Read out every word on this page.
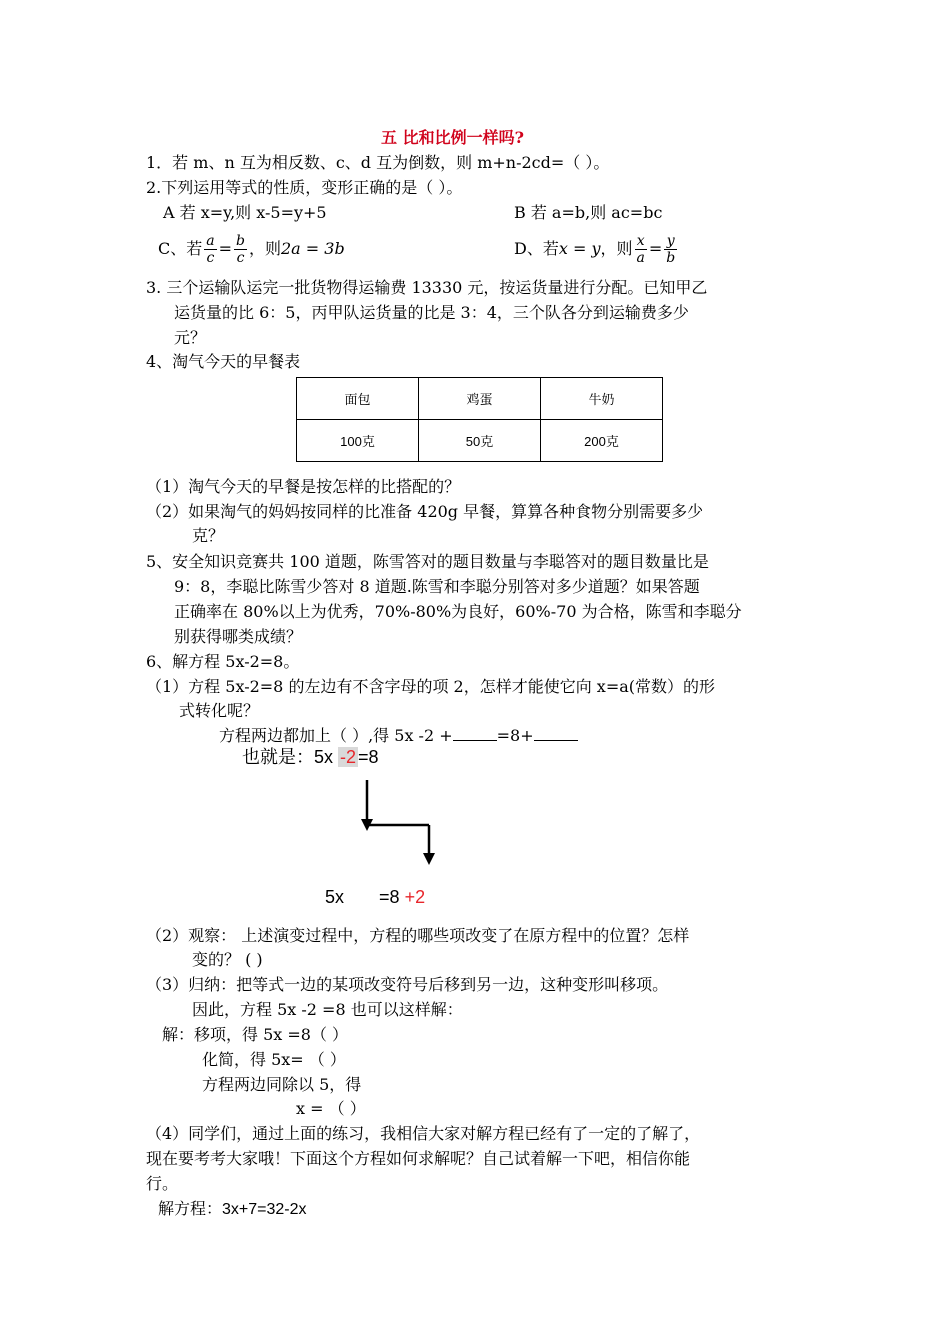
五 比和比例一样吗?
1．若 m、n 互为相反数、c、d 互为倒数，则 m+n-2cd=（ ）。
2.下列运用等式的性质，变形正确的是（ ）。
A 若 x=y,则 x-5=y+5	B 若 a=b,则 ac=bc
C、若 $\frac{a}{c} = \frac{b}{c}$ ，则2a = 3b	D、若x = y，则 $\frac{x}{a} = \frac{y}{b}$
3. 三个运输队运完一批货物得运输费 13330 元，按运货量进行分配。已知甲乙
运货量的比 6：5，丙甲队运货量的比是 3：4，三个队各分到运输费多少
元？
4、淘气今天的早餐表
面包	鸡蛋	牛奶
100克	50克	200克
（1）淘气今天的早餐是按怎样的比搭配的？
（2）如果淘气的妈妈按同样的比准备 420g 早餐，算算各种食物分别需要多少
克？
5、安全知识竞赛共 100 道题，陈雪答对的题目数量与李聪答对的题目数量比是
9：8，李聪比陈雪少答对 8 道题.陈雪和李聪分别答对多少道题？如果答题
正确率在 80%以上为优秀，70%-80%为良好，60%-70 为合格，陈雪和李聪分
别获得哪类成绩？
6、解方程 5x-2=8。
（1）方程 5x-2=8 的左边有不含字母的项 2，怎样才能使它向 x=a(常数）的形
式转化呢？
方程两边都加上（ ）,得 5x -2 +	=8+
也就是：5x -2 =8
5x =8 +2
（2）观察： 上述演变过程中，方程的哪些项改变了在原方程中的位置？怎样
变的？ ( )
（3）归纳：把等式一边的某项改变符号后移到另一边，这种变形叫移项。
因此，方程 5x -2 =8 也可以这样解：
解：移项，得 5x =8（ ）
化简，得 5x= （ ）
方程两边同除以 5，得
x = （ ）
（4）同学们，通过上面的练习，我相信大家对解方程已经有了一定的了解了，
现在要考考大家哦！下面这个方程如何求解呢？自己试着解一下吧，相信你能
行。
解方程：3x+7=32-2x
